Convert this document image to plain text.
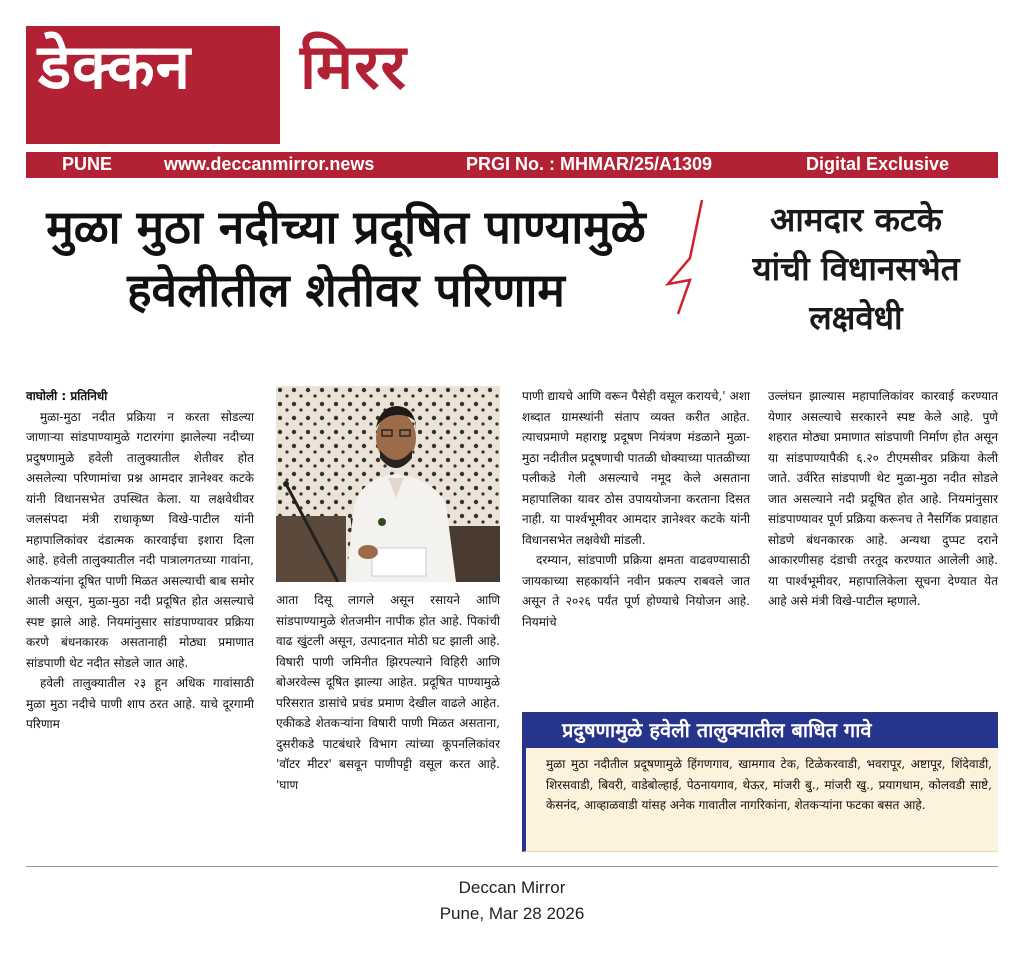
डेक्कन मिरर
PUNE	www.deccanmirror.news	PRGI No. : MHMAR/25/A1309	Digital Exclusive
मुळा मुठा नदीच्या प्रदूषित पाण्यामुळे
हवेलीतील शेतीवर परिणाम
आमदार कटके
यांची विधानसभेत
लक्षवेधी

वाघोली : प्रतिनिधी

मुळा-मुठा नदीत प्रक्रिया न करता सोडल्या जाणाऱ्या सांडपाण्यामुळे गटारगंगा झालेल्या नदीच्या प्रदुषणामुळे हवेली तालुक्यातील शेतीवर होत असलेल्या परिणामांचा प्रश्न आमदार ज्ञानेश्वर कटके यांनी विधानसभेत उपस्थित केला. या लक्षवेधीवर जलसंपदा मंत्री राधाकृष्ण विखे-पाटील यांनी महापालिकांवर दंडात्मक कारवाईचा इशारा दिला आहे. हवेली तालुक्यातील नदी पात्रालगतच्या गावांना, शेतकऱ्यांना दूषित पाणी मिळत असल्याची बाब समोर आली असून, मुळा-मुठा नदी प्रदूषित होत असल्याचे स्पष्ट झाले आहे. नियमांनुसार सांडपाण्यावर प्रक्रिया करणे बंधनकारक असतानाही मोठ्या प्रमाणात सांडपाणी थेट नदीत सोडले जात आहे.

हवेली तालुक्यातील २३ हून अधिक गावांसाठी मुळा मुठा नदीचे पाणी शाप ठरत आहे. याचे दूरगामी परिणाम

आता दिसू लागले असून रसायने आणि सांडपाण्यामुळे शेतजमीन नापीक होत आहे. पिकांची वाढ खुंटली असून, उत्पादनात मोठी घट झाली आहे. विषारी पाणी जमिनीत झिरपल्याने विहिरी आणि बोअरवेल्स दूषित झाल्या आहेत. प्रदूषित पाण्यामुळे परिसरात डासांचे प्रचंड प्रमाण देखील वाढले आहेत. एकीकडे शेतकऱ्यांना विषारी पाणी मिळत असताना, दुसरीकडे पाटबंधारे विभाग त्यांच्या कूपनलिकांवर 'वॉटर मीटर' बसवून पाणीपट्टी वसूल करत आहे. 'घाण

पाणी द्यायचे आणि वरून पैसेही वसूल करायचे,' अशा शब्दात ग्रामस्थांनी संताप व्यक्त करीत आहेत. त्याचप्रमाणे महाराष्ट्र प्रदूषण नियंत्रण मंडळाने मुळा-मुठा नदीतील प्रदूषणाची पातळी धोक्याच्या पातळीच्या पलीकडे गेली असल्याचे नमूद केले असताना महापालिका यावर ठोस उपाययोजना करताना दिसत नाही. या पार्श्वभूमीवर आमदार ज्ञानेश्वर कटके यांनी विधानसभेत लक्षवेधी मांडली.

दरम्यान, सांडपाणी प्रक्रिया क्षमता वाढवण्यासाठी जायकाच्या सहकार्याने नवीन प्रकल्प राबवले जात असून ते २०२६ पर्यंत पूर्ण होण्याचे नियोजन आहे. नियमांचे

उल्लंघन झाल्यास महापालिकांवर कारवाई करण्यात येणार असल्याचे सरकारने स्पष्ट केले आहे. पुणे शहरात मोठ्या प्रमाणात सांडपाणी निर्माण होत असून या सांडपाण्यापैकी ६.२० टीएमसीवर प्रक्रिया केली जाते. उर्वरित सांडपाणी थेट मुळा-मुठा नदीत सोडले जात असल्याने नदी प्रदूषित होत आहे. नियमांनुसार सांडपाण्यावर पूर्ण प्रक्रिया करूनच ते नैसर्गिक प्रवाहात सोडणे बंधनकारक आहे. अन्यथा दुप्पट दराने आकारणीसह दंडाची तरतूद करण्यात आलेली आहे. या पार्श्वभूमीवर, महापालिकेला सूचना देण्यात येत आहे असे मंत्री विखे-पाटील म्हणाले.

प्रदुषणामुळे हवेली तालुक्यातील बाधित गावे

मुळा मुठा नदीतील प्रदूषणामुळे हिंगणगाव, खामगाव टेक, टिळेकरवाडी, भवरापूर, अष्टापूर, शिंदेवाडी, शिरसवाडी, बिवरी, वाडेबोल्हाई, पेठनायगाव, थेऊर, मांजरी बु., मांजरी खु., प्रयागधाम, कोलवडी साष्टे, केसनंद, आव्हाळवाडी यांसह अनेक गावातील नागरिकांना, शेतकऱ्यांना फटका बसत आहे.

Deccan Mirror
Pune, Mar 28 2026
